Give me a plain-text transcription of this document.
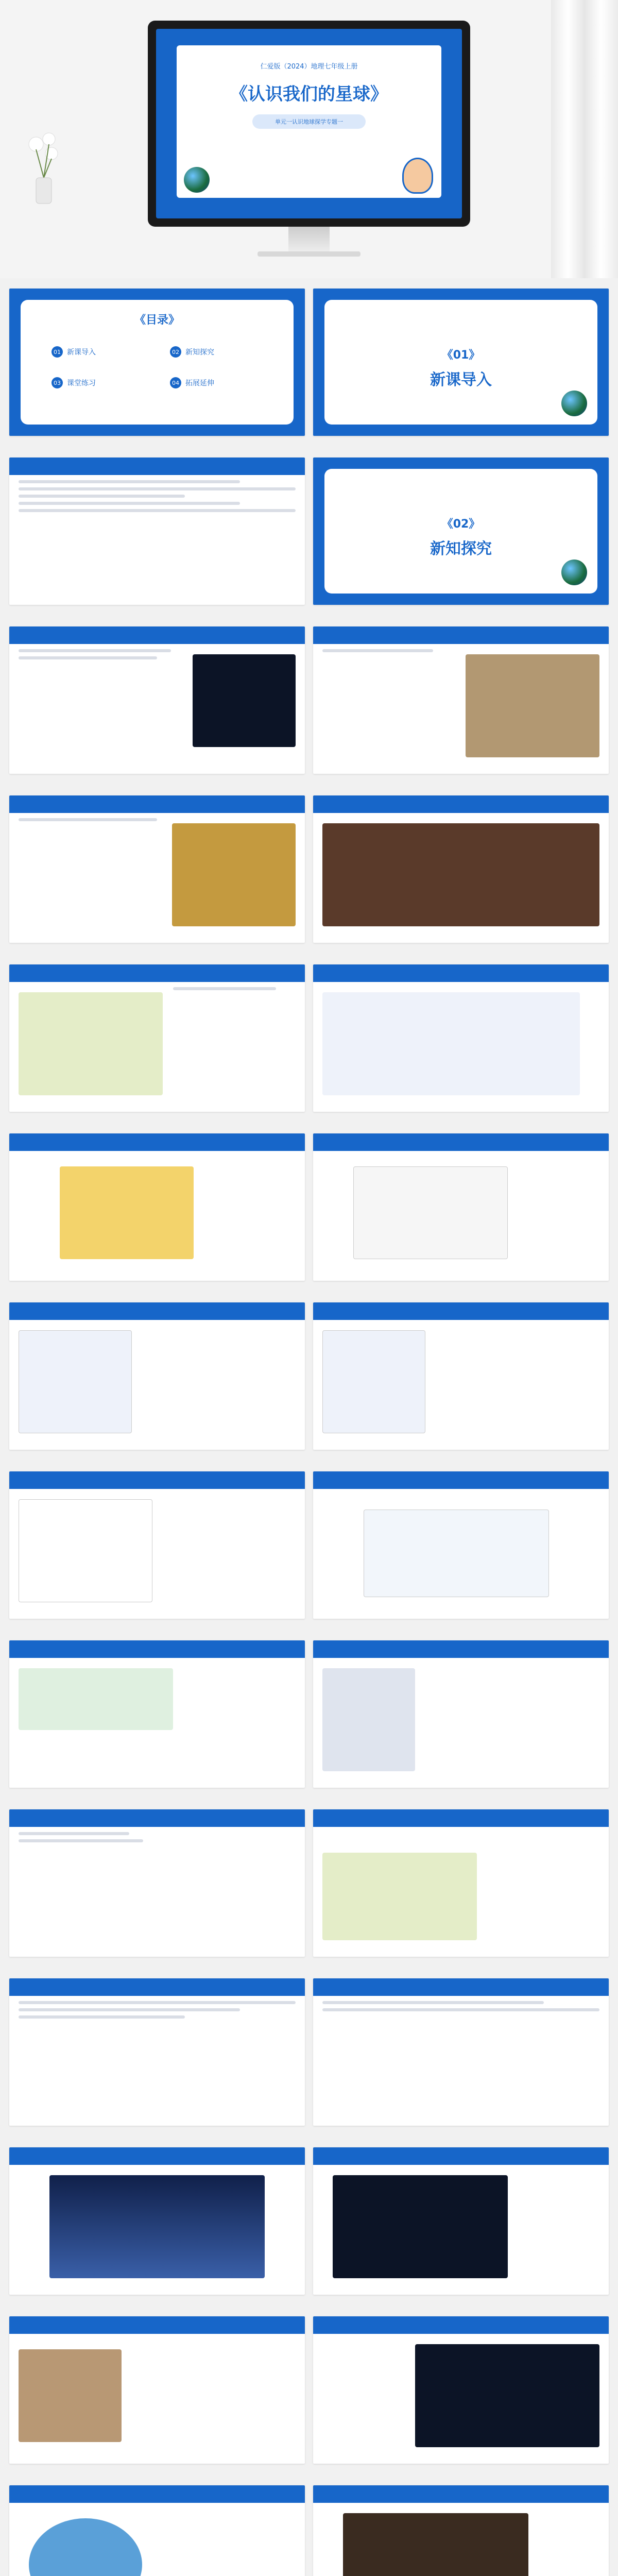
仁爱版（2024）地理七年级上册
《认识我们的星球》
单元一认识地球探学专题一
《目录》
01 新课导入	02 新知探究
03 课堂练习	04 拓展延伸
《01》
新课导入
《02》
新知探究
